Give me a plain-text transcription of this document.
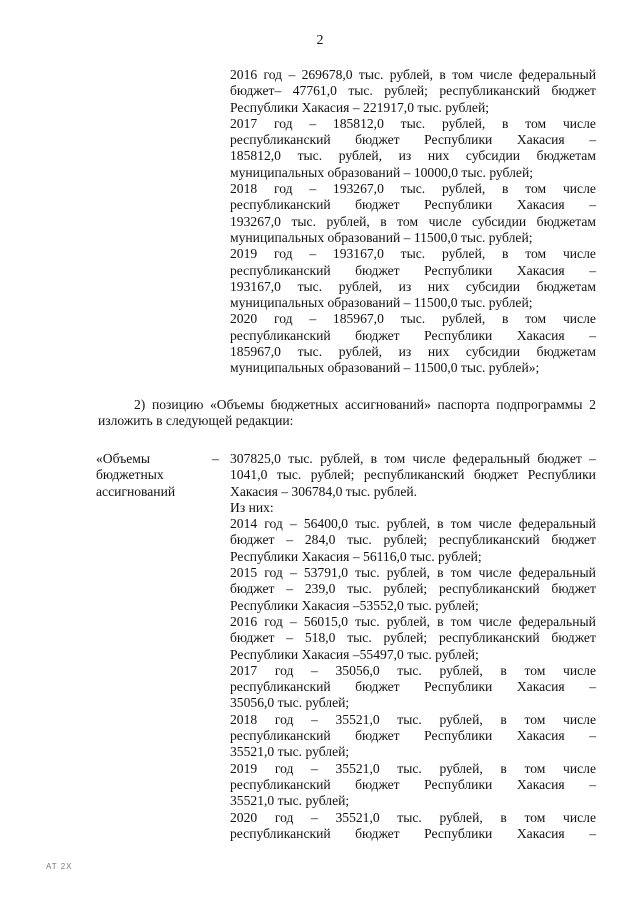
2
2016 год – 269678,0 тыс. рублей, в том числе федеральный
бюджет– 47761,0 тыс. рублей; республиканский бюджет
Республики Хакасия – 221917,0 тыс. рублей;
2017 год – 185812,0 тыс. рублей, в том числе
республиканский бюджет Республики Хакасия –
185812,0 тыс. рублей, из них субсидии бюджетам
муниципальных образований – 10000,0 тыс. рублей;
2018 год – 193267,0 тыс. рублей, в том числе
республиканский бюджет Республики Хакасия –
193267,0 тыс. рублей, в том числе субсидии бюджетам
муниципальных образований – 11500,0 тыс. рублей;
2019 год – 193167,0 тыс. рублей, в том числе
республиканский бюджет Республики Хакасия –
193167,0 тыс. рублей, из них субсидии бюджетам
муниципальных образований – 11500,0 тыс. рублей;
2020 год – 185967,0 тыс. рублей, в том числе
республиканский бюджет Республики Хакасия –
185967,0 тыс. рублей, из них субсидии бюджетам
муниципальных образований – 11500,0 тыс. рублей»;
2) позицию «Объемы бюджетных ассигнований» паспорта подпрограммы 2
изложить в следующей редакции:
«Объемы
бюджетных
ассигнований
– 307825,0 тыс. рублей, в том числе федеральный бюджет –
1041,0 тыс. рублей; республиканский бюджет Республики
Хакасия – 306784,0 тыс. рублей.
Из них:
2014 год – 56400,0 тыс. рублей, в том числе федеральный
бюджет – 284,0 тыс. рублей; республиканский бюджет
Республики Хакасия – 56116,0 тыс. рублей;
2015 год – 53791,0 тыс. рублей, в том числе федеральный
бюджет – 239,0 тыс. рублей; республиканский бюджет
Республики Хакасия –53552,0 тыс. рублей;
2016 год – 56015,0 тыс. рублей, в том числе федеральный
бюджет – 518,0 тыс. рублей; республиканский бюджет
Республики Хакасия –55497,0 тыс. рублей;
2017 год – 35056,0 тыс. рублей, в том числе
республиканский бюджет Республики Хакасия –
35056,0 тыс. рублей;
2018 год – 35521,0 тыс. рублей, в том числе
республиканский бюджет Республики Хакасия –
35521,0 тыс. рублей;
2019 год – 35521,0 тыс. рублей, в том числе
республиканский бюджет Республики Хакасия –
35521,0 тыс. рублей;
2020 год – 35521,0 тыс. рублей, в том числе
республиканский бюджет Республики Хакасия –
AT 2X
